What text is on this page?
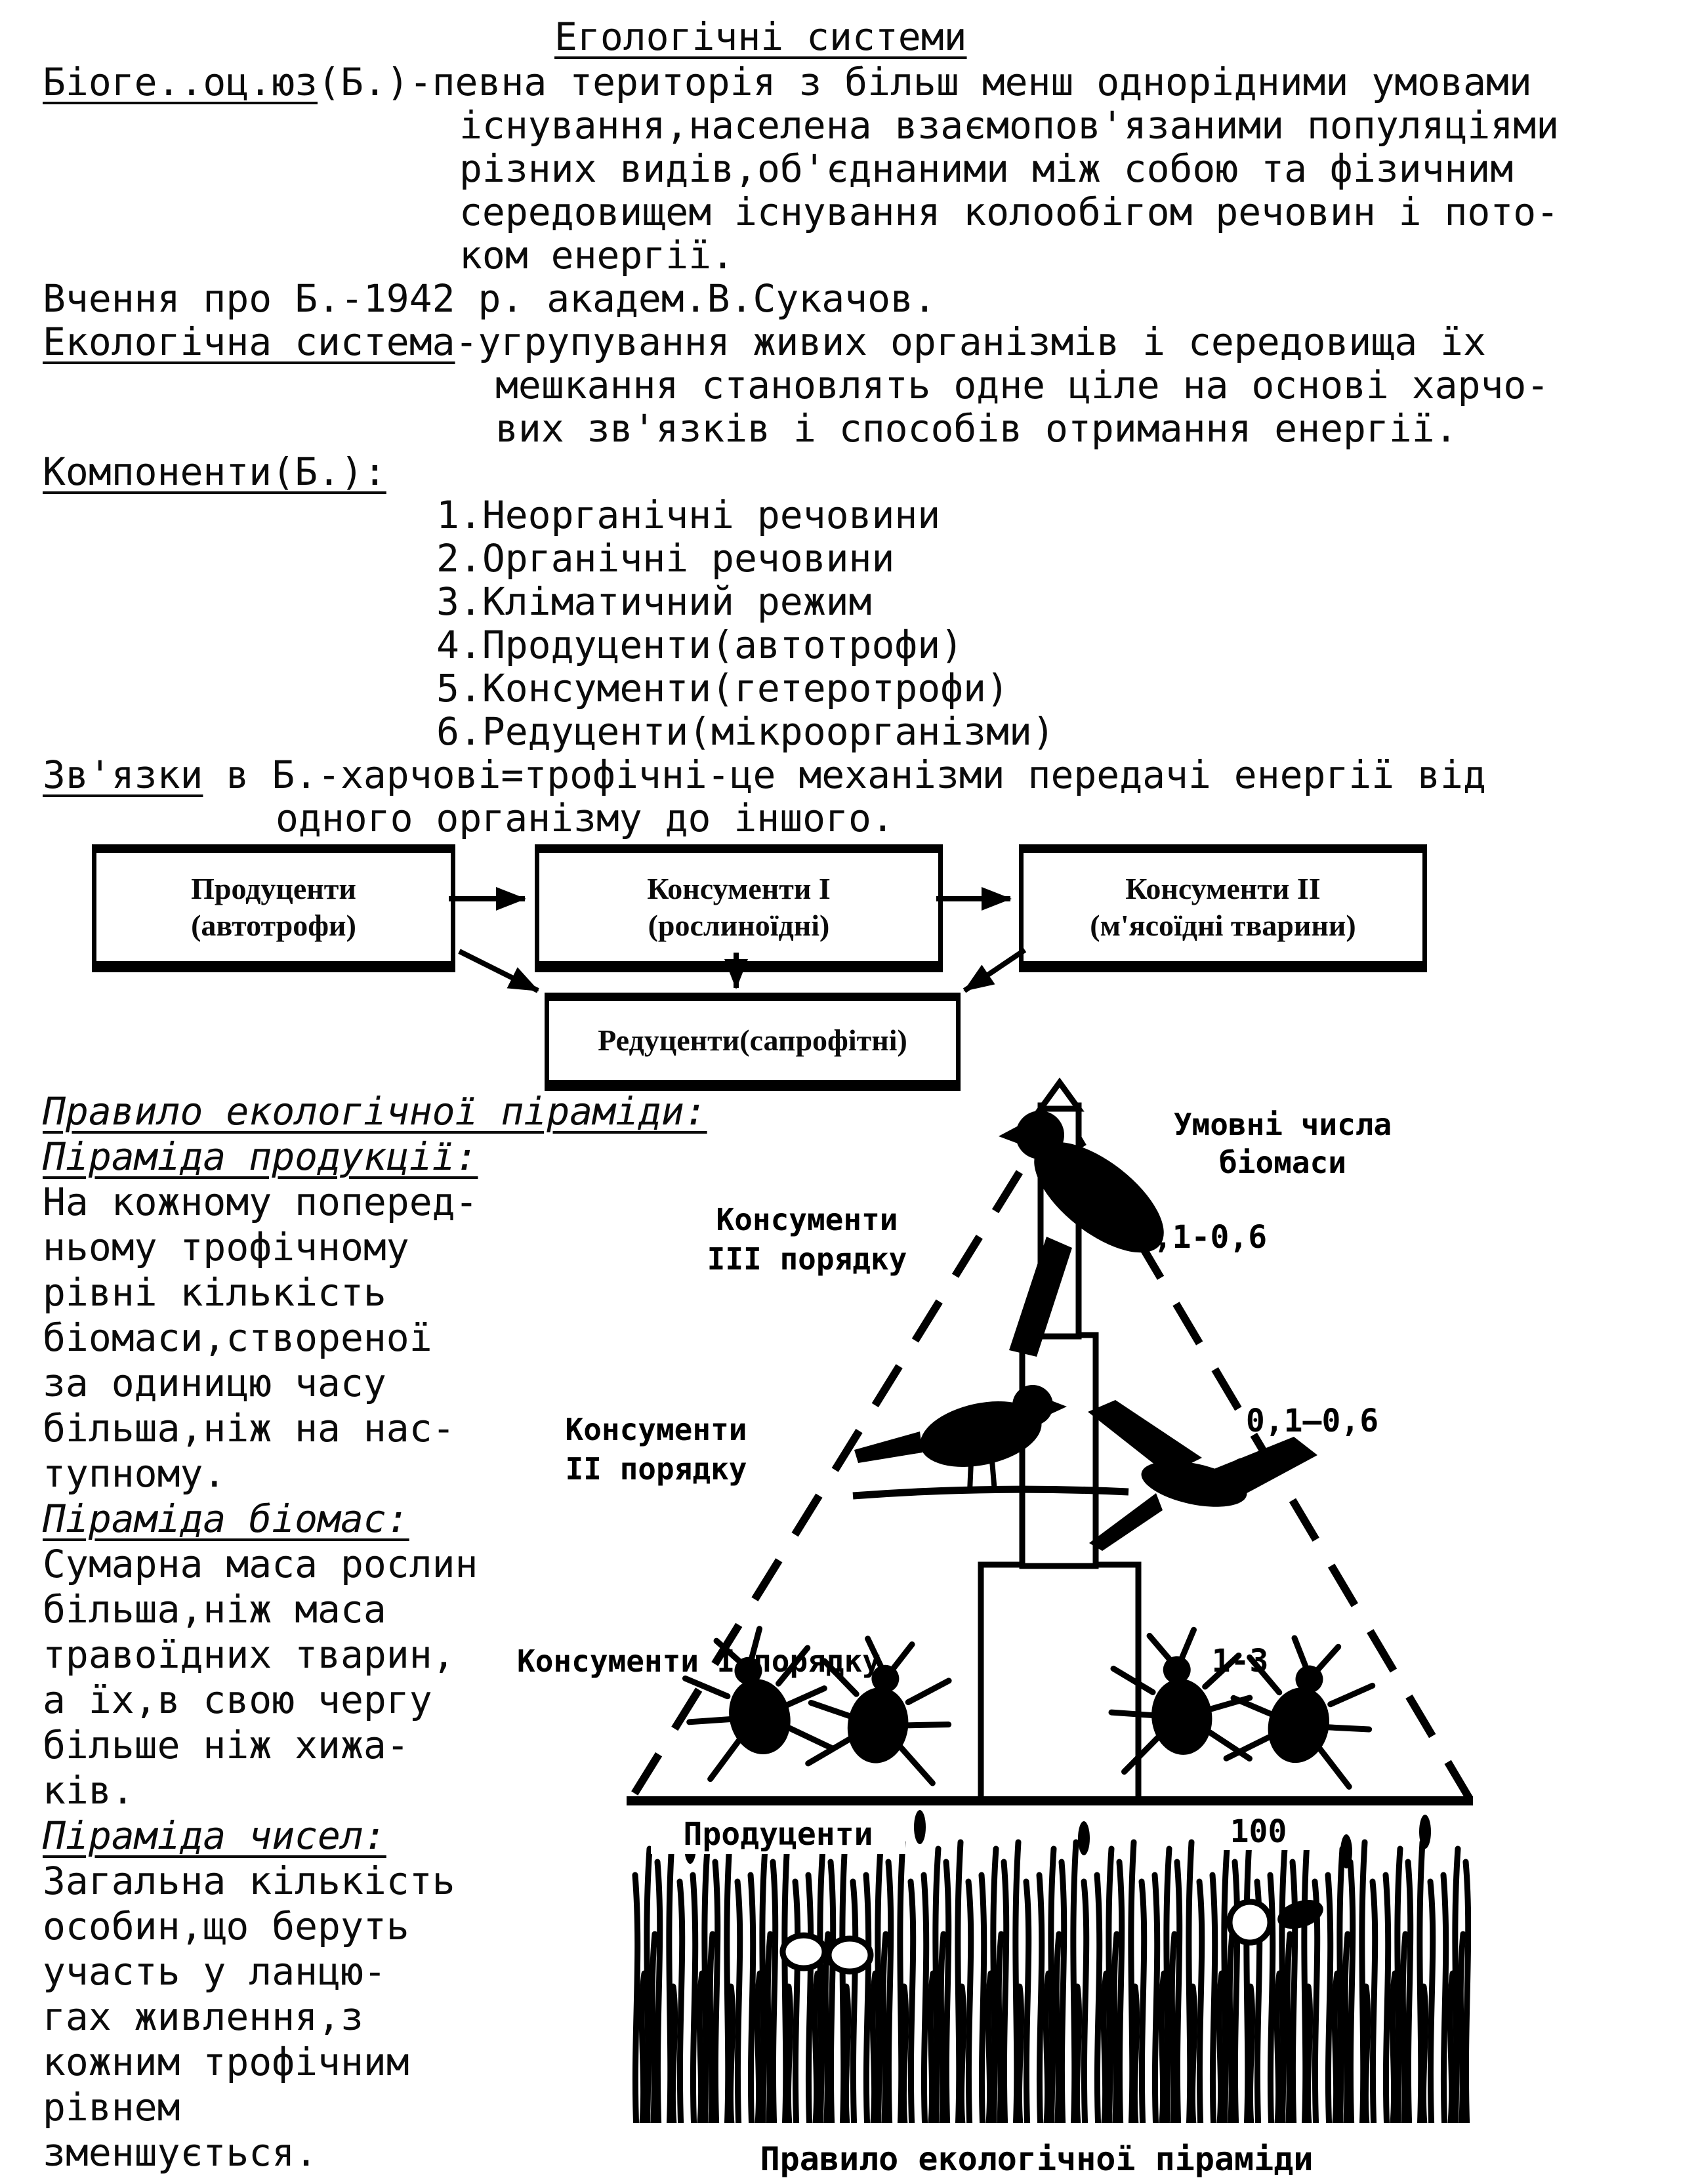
Егологічні системи
Біоге..оц.юз(Б.)-певна територія з більш менш однорідними умовами
існування,населена взаємопов'язаними популяціями
різних видів,об'єднаними між собою та фізичним
середовищем існування колообігом речовин і пото-
ком енергії.
Вчення про Б.-1942 р. академ.В.Сукачов.
Екологічна система-угрупування живих організмів і середовища їх
мешкання становлять одне ціле на основі харчо-
вих зв'язків і способів отримання енергії.
Компоненти(Б.):
1.Неорганічні речовини
2.Органічні речовини
3.Кліматичний режим
4.Продуценти(автотрофи)
5.Консументи(гетеротрофи)
6.Редуценти(мікроорганізми)
Зв'язки в Б.-харчові=трофічні-це механізми передачі енергії від
одного організму до іншого.
Продуценти
(автотрофи)
Консументи I
(рослиноїдні)
Консументи II
(м'ясоїдні тварини)
Редуценти(сапрофітні)
Правило екологічної піраміди:
Піраміда продукції:
На кожному поперед-
ньому трофічному
рівні кількість
біомаси,створеної
за одиницю часу
більша,ніж на нас-
тупному.
Піраміда біомас:
Сумарна маса рослин
більша,ніж маса
травоїдних тварин,
а їх,в свою чергу
більше ніж хижа-
ків.
Піраміда чисел:
Загальна кількість
особин,що беруть
участь у ланцю-
гах живлення,з
кожним трофічним
рівнем
зменшується.
Умовні числа
біомаси
Консументи
III порядку
0,1-0,6
Консументи
II порядку
0,1—0,6
Консументи I порядку	1-3
Продуценти	100
Правило екологічної піраміди
